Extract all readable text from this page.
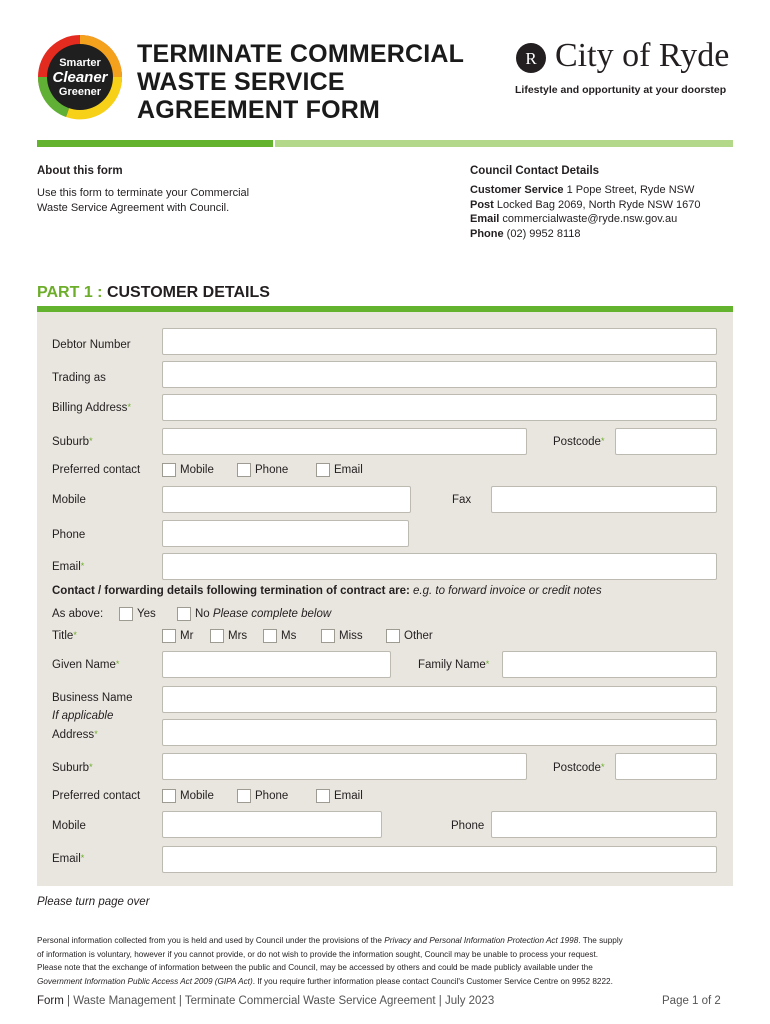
Smarter
Cleaner
Greener
TERMINATE COMMERCIAL
WASTE SERVICE
AGREEMENT FORM
R City of Ryde
Lifestyle and opportunity at your doorstep
About this form
Use this form to terminate your Commercial
Waste Service Agreement with Council.
Council Contact Details
Customer Service 1 Pope Street, Ryde NSW
Post Locked Bag 2069, North Ryde NSW 1670
Email commercialwaste@ryde.nsw.gov.au
Phone (02) 9952 8118
PART 1 : CUSTOMER DETAILS
Debtor Number
Trading as
Billing Address*
Suburb*	Postcode*
Preferred contact	Mobile	Phone	Email
Mobile	Fax
Phone
Email*
Contact / forwarding details following termination of contract are: e.g. to forward invoice or credit notes
As above:	Yes	No Please complete below
Title*	Mr	Mrs	Ms	Miss	Other
Given Name*	Family Name*
Business Name
If applicable
Address*
Suburb*	Postcode*
Preferred contact	Mobile	Phone	Email
Mobile	Phone
Email*
Please turn page over
Personal information collected from you is held and used by Council under the provisions of the Privacy and Personal Information Protection Act 1998. The supply
of information is voluntary, however if you cannot provide, or do not wish to provide the information sought, Council may be unable to process your request.
Please note that the exchange of information between the public and Council, may be accessed by others and could be made publicly available under the
Government Information Public Access Act 2009 (GIPA Act). If you require further information please contact Council's Customer Service Centre on 9952 8222.
Form | Waste Management | Terminate Commercial Waste Service Agreement | July 2023	Page 1 of 2
